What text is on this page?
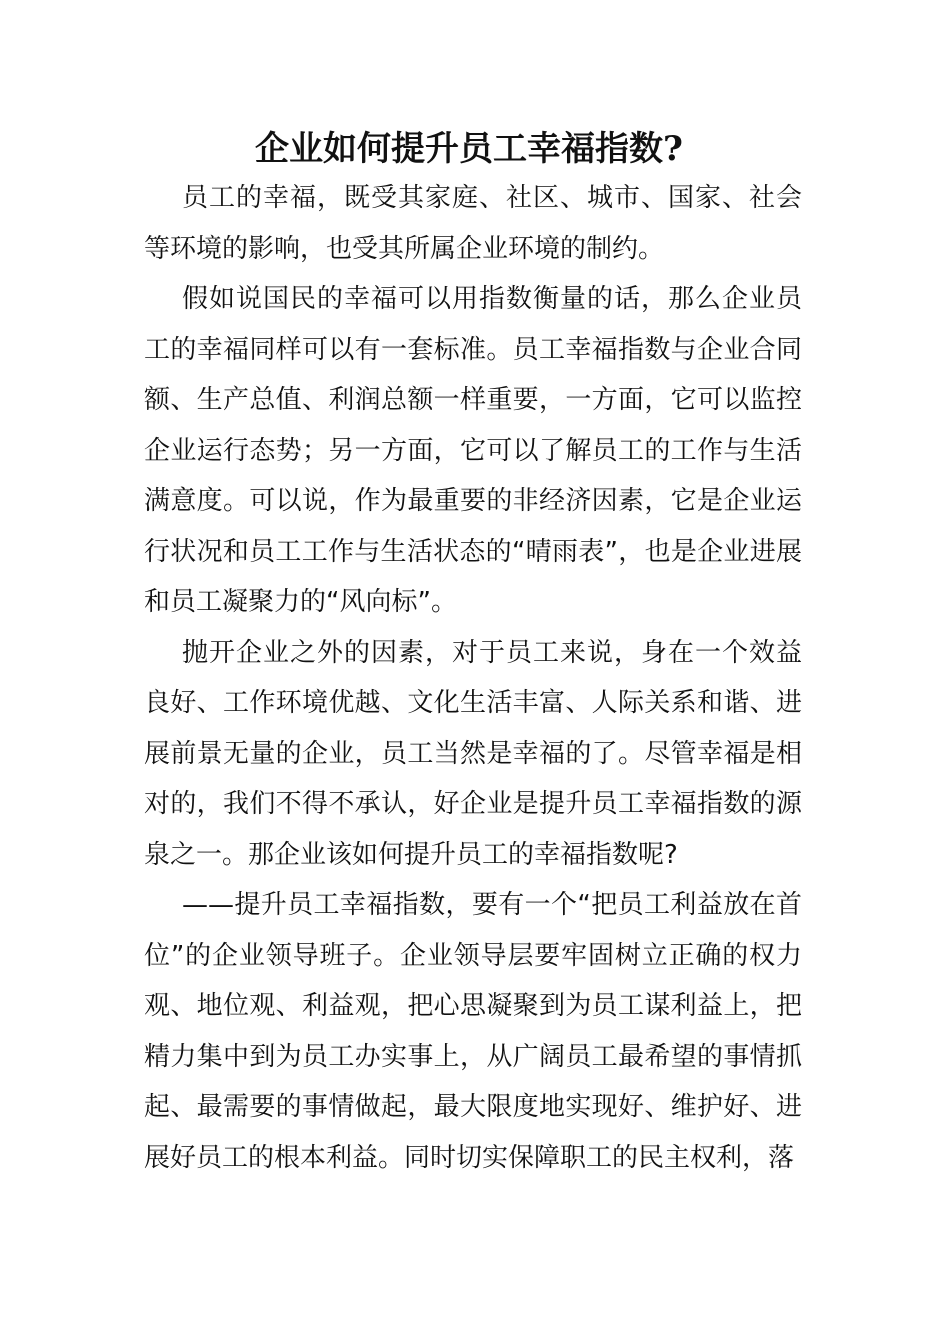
企业如何提升员工幸福指数?

员工的幸福，既受其家庭、社区、城市、国家、社会等环境的影响，也受其所属企业环境的制约。

假如说国民的幸福可以用指数衡量的话，那么企业员工的幸福同样可以有一套标准。员工幸福指数与企业合同额、生产总值、利润总额一样重要，一方面，它可以监控企业运行态势；另一方面，它可以了解员工的工作与生活满意度。可以说，作为最重要的非经济因素，它是企业运行状况和员工工作与生活状态的“晴雨表”，也是企业进展和员工凝聚力的“风向标”。

抛开企业之外的因素，对于员工来说，身在一个效益良好、工作环境优越、文化生活丰富、人际关系和谐、进展前景无量的企业，员工当然是幸福的了。尽管幸福是相对的，我们不得不承认，好企业是提升员工幸福指数的源泉之一。那企业该如何提升员工的幸福指数呢?

——提升员工幸福指数，要有一个“把员工利益放在首位”的企业领导班子。企业领导层要牢固树立正确的权力观、地位观、利益观，把心思凝聚到为员工谋利益上，把精力集中到为员工办实事上，从广阔员工最希望的事情抓起、最需要的事情做起，最大限度地实现好、维护好、进展好员工的根本利益。同时切实保障职工的民主权利，落
